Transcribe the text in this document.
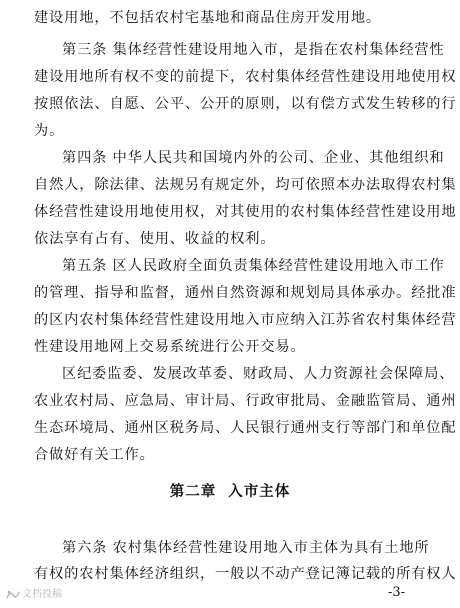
建设用地，不包括农村宅基地和商品住房开发用地。
第三条 集体经营性建设用地入市，是指在农村集体经营性
建设用地所有权不变的前提下，农村集体经营性建设用地使用权
按照依法、自愿、公平、公开的原则，以有偿方式发生转移的行
为。
第四条 中华人民共和国境内外的公司、企业、其他组织和
自然人，除法律、法规另有规定外，均可依照本办法取得农村集
体经营性建设用地使用权，对其使用的农村集体经营性建设用地
依法享有占有、使用、收益的权利。
第五条 区人民政府全面负责集体经营性建设用地入市工作
的管理、指导和监督，通州自然资源和规划局具体承办。经批准
的区内农村集体经营性建设用地入市应纳入江苏省农村集体经营
性建设用地网上交易系统进行公开交易。
区纪委监委、发展改革委、财政局、人力资源社会保障局、
农业农村局、应急局、审计局、行政审批局、金融监管局、通州
生态环境局、通州区税务局、人民银行通州支行等部门和单位配
合做好有关工作。
第二章 入市主体
第六条 农村集体经营性建设用地入市主体为具有土地所
有权的农村集体经济组织，一般以不动产登记簿记载的所有权人
-3-
文档投稿
